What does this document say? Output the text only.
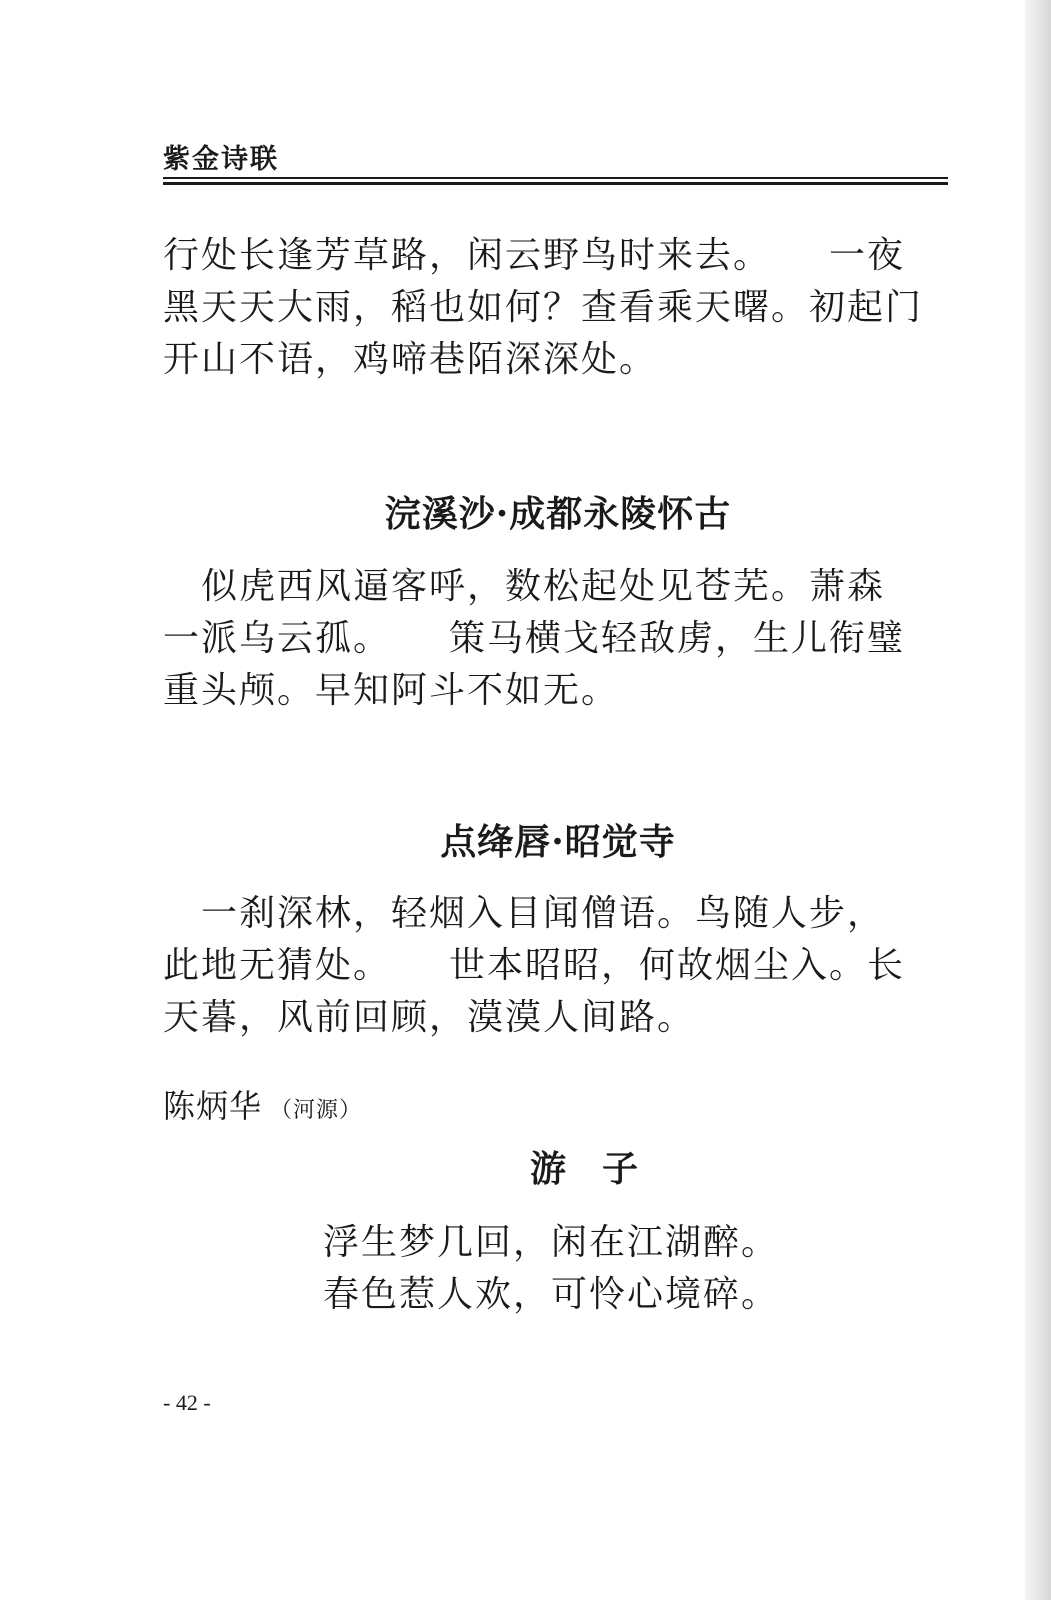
紫金诗联
行处长逢芳草路，闲云野鸟时来去。　　一夜
黑天天大雨，稻也如何？查看乘天曙。初起门
开山不语，鸡啼巷陌深深处。
浣溪沙·成都永陵怀古
　似虎西风逼客呼，数松起处见苍芜。萧森
一派乌云孤。　　策马横戈轻敌虏，生儿衔璧
重头颅。早知阿斗不如无。
点绛唇·昭觉寺
　一刹深林，轻烟入目闻僧语。鸟随人步，
此地无猜处。　　世本昭昭，何故烟尘入。长
天暮，风前回顾，漠漠人间路。
陈炳华 （河源）
游子
浮生梦几回，闲在江湖醉。
春色惹人欢，可怜心境碎。
- 42 -
